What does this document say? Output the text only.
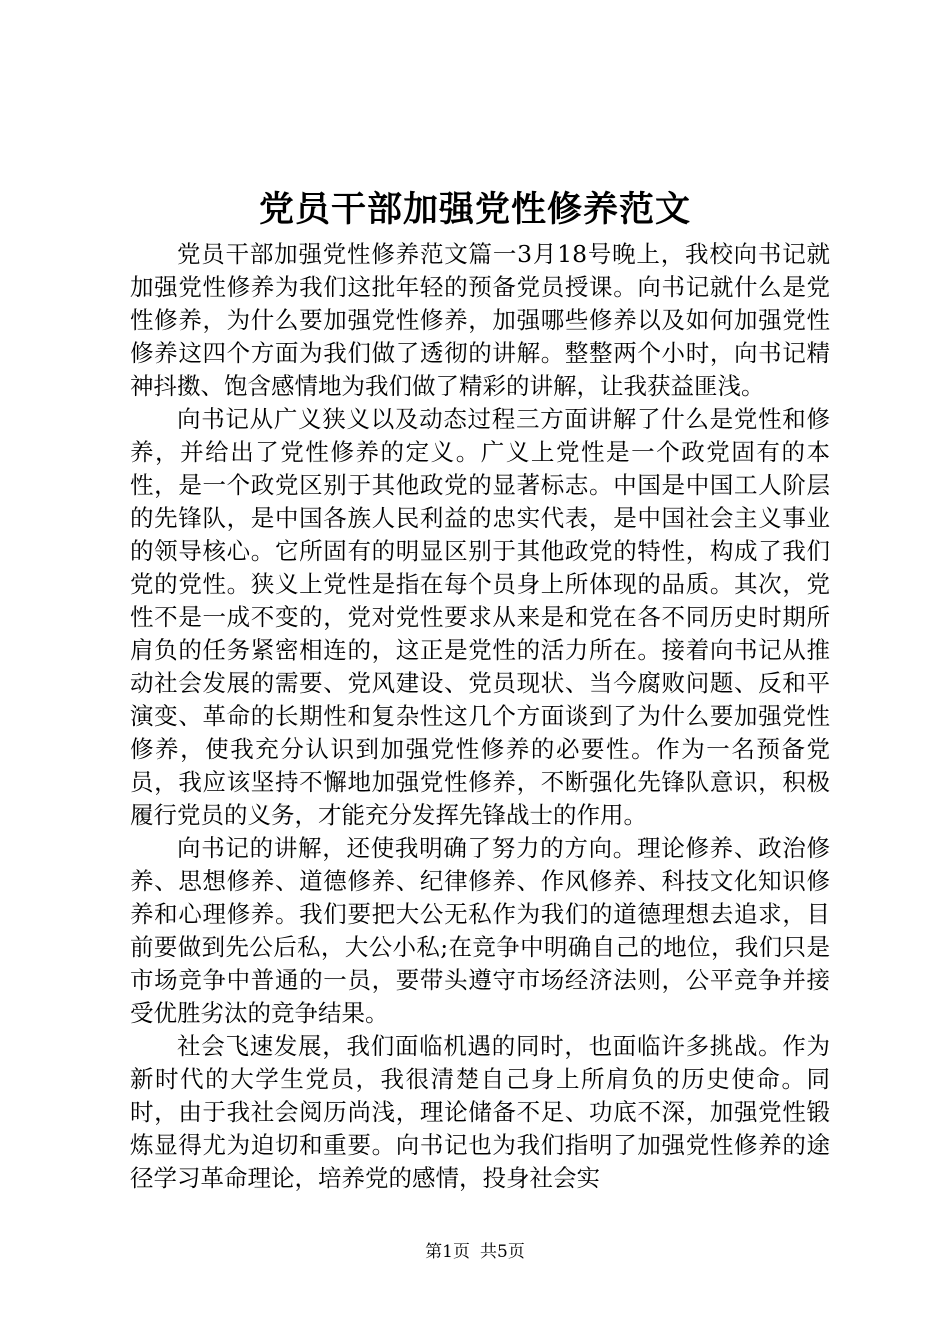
党员干部加强党性修养范文

党员干部加强党性修养范文篇一3月18号晚上，我校向书记就加强党性修养为我们这批年轻的预备党员授课。向书记就什么是党性修养，为什么要加强党性修养，加强哪些修养以及如何加强党性修养这四个方面为我们做了透彻的讲解。整整两个小时，向书记精神抖擞、饱含感情地为我们做了精彩的讲解，让我获益匪浅。

向书记从广义狭义以及动态过程三方面讲解了什么是党性和修养，并给出了党性修养的定义。广义上党性是一个政党固有的本性，是一个政党区别于其他政党的显著标志。中国是中国工人阶层的先锋队，是中国各族人民利益的忠实代表，是中国社会主义事业的领导核心。它所固有的明显区别于其他政党的特性，构成了我们党的党性。狭义上党性是指在每个员身上所体现的品质。其次，党性不是一成不变的，党对党性要求从来是和党在各不同历史时期所肩负的任务紧密相连的，这正是党性的活力所在。接着向书记从推动社会发展的需要、党风建设、党员现状、当今腐败问题、反和平演变、革命的长期性和复杂性这几个方面谈到了为什么要加强党性修养，使我充分认识到加强党性修养的必要性。作为一名预备党员，我应该坚持不懈地加强党性修养，不断强化先锋队意识，积极履行党员的义务，才能充分发挥先锋战士的作用。

向书记的讲解，还使我明确了努力的方向。理论修养、政治修养、思想修养、道德修养、纪律修养、作风修养、科技文化知识修养和心理修养。我们要把大公无私作为我们的道德理想去追求，目前要做到先公后私，大公小私;在竞争中明确自己的地位，我们只是市场竞争中普通的一员，要带头遵守市场经济法则，公平竞争并接受优胜劣汰的竞争结果。

社会飞速发展，我们面临机遇的同时，也面临许多挑战。作为新时代的大学生党员，我很清楚自己身上所肩负的历史使命。同时，由于我社会阅历尚浅，理论储备不足、功底不深，加强党性锻炼显得尤为迫切和重要。向书记也为我们指明了加强党性修养的途径学习革命理论，培养党的感情，投身社会实

第1页 共5页
